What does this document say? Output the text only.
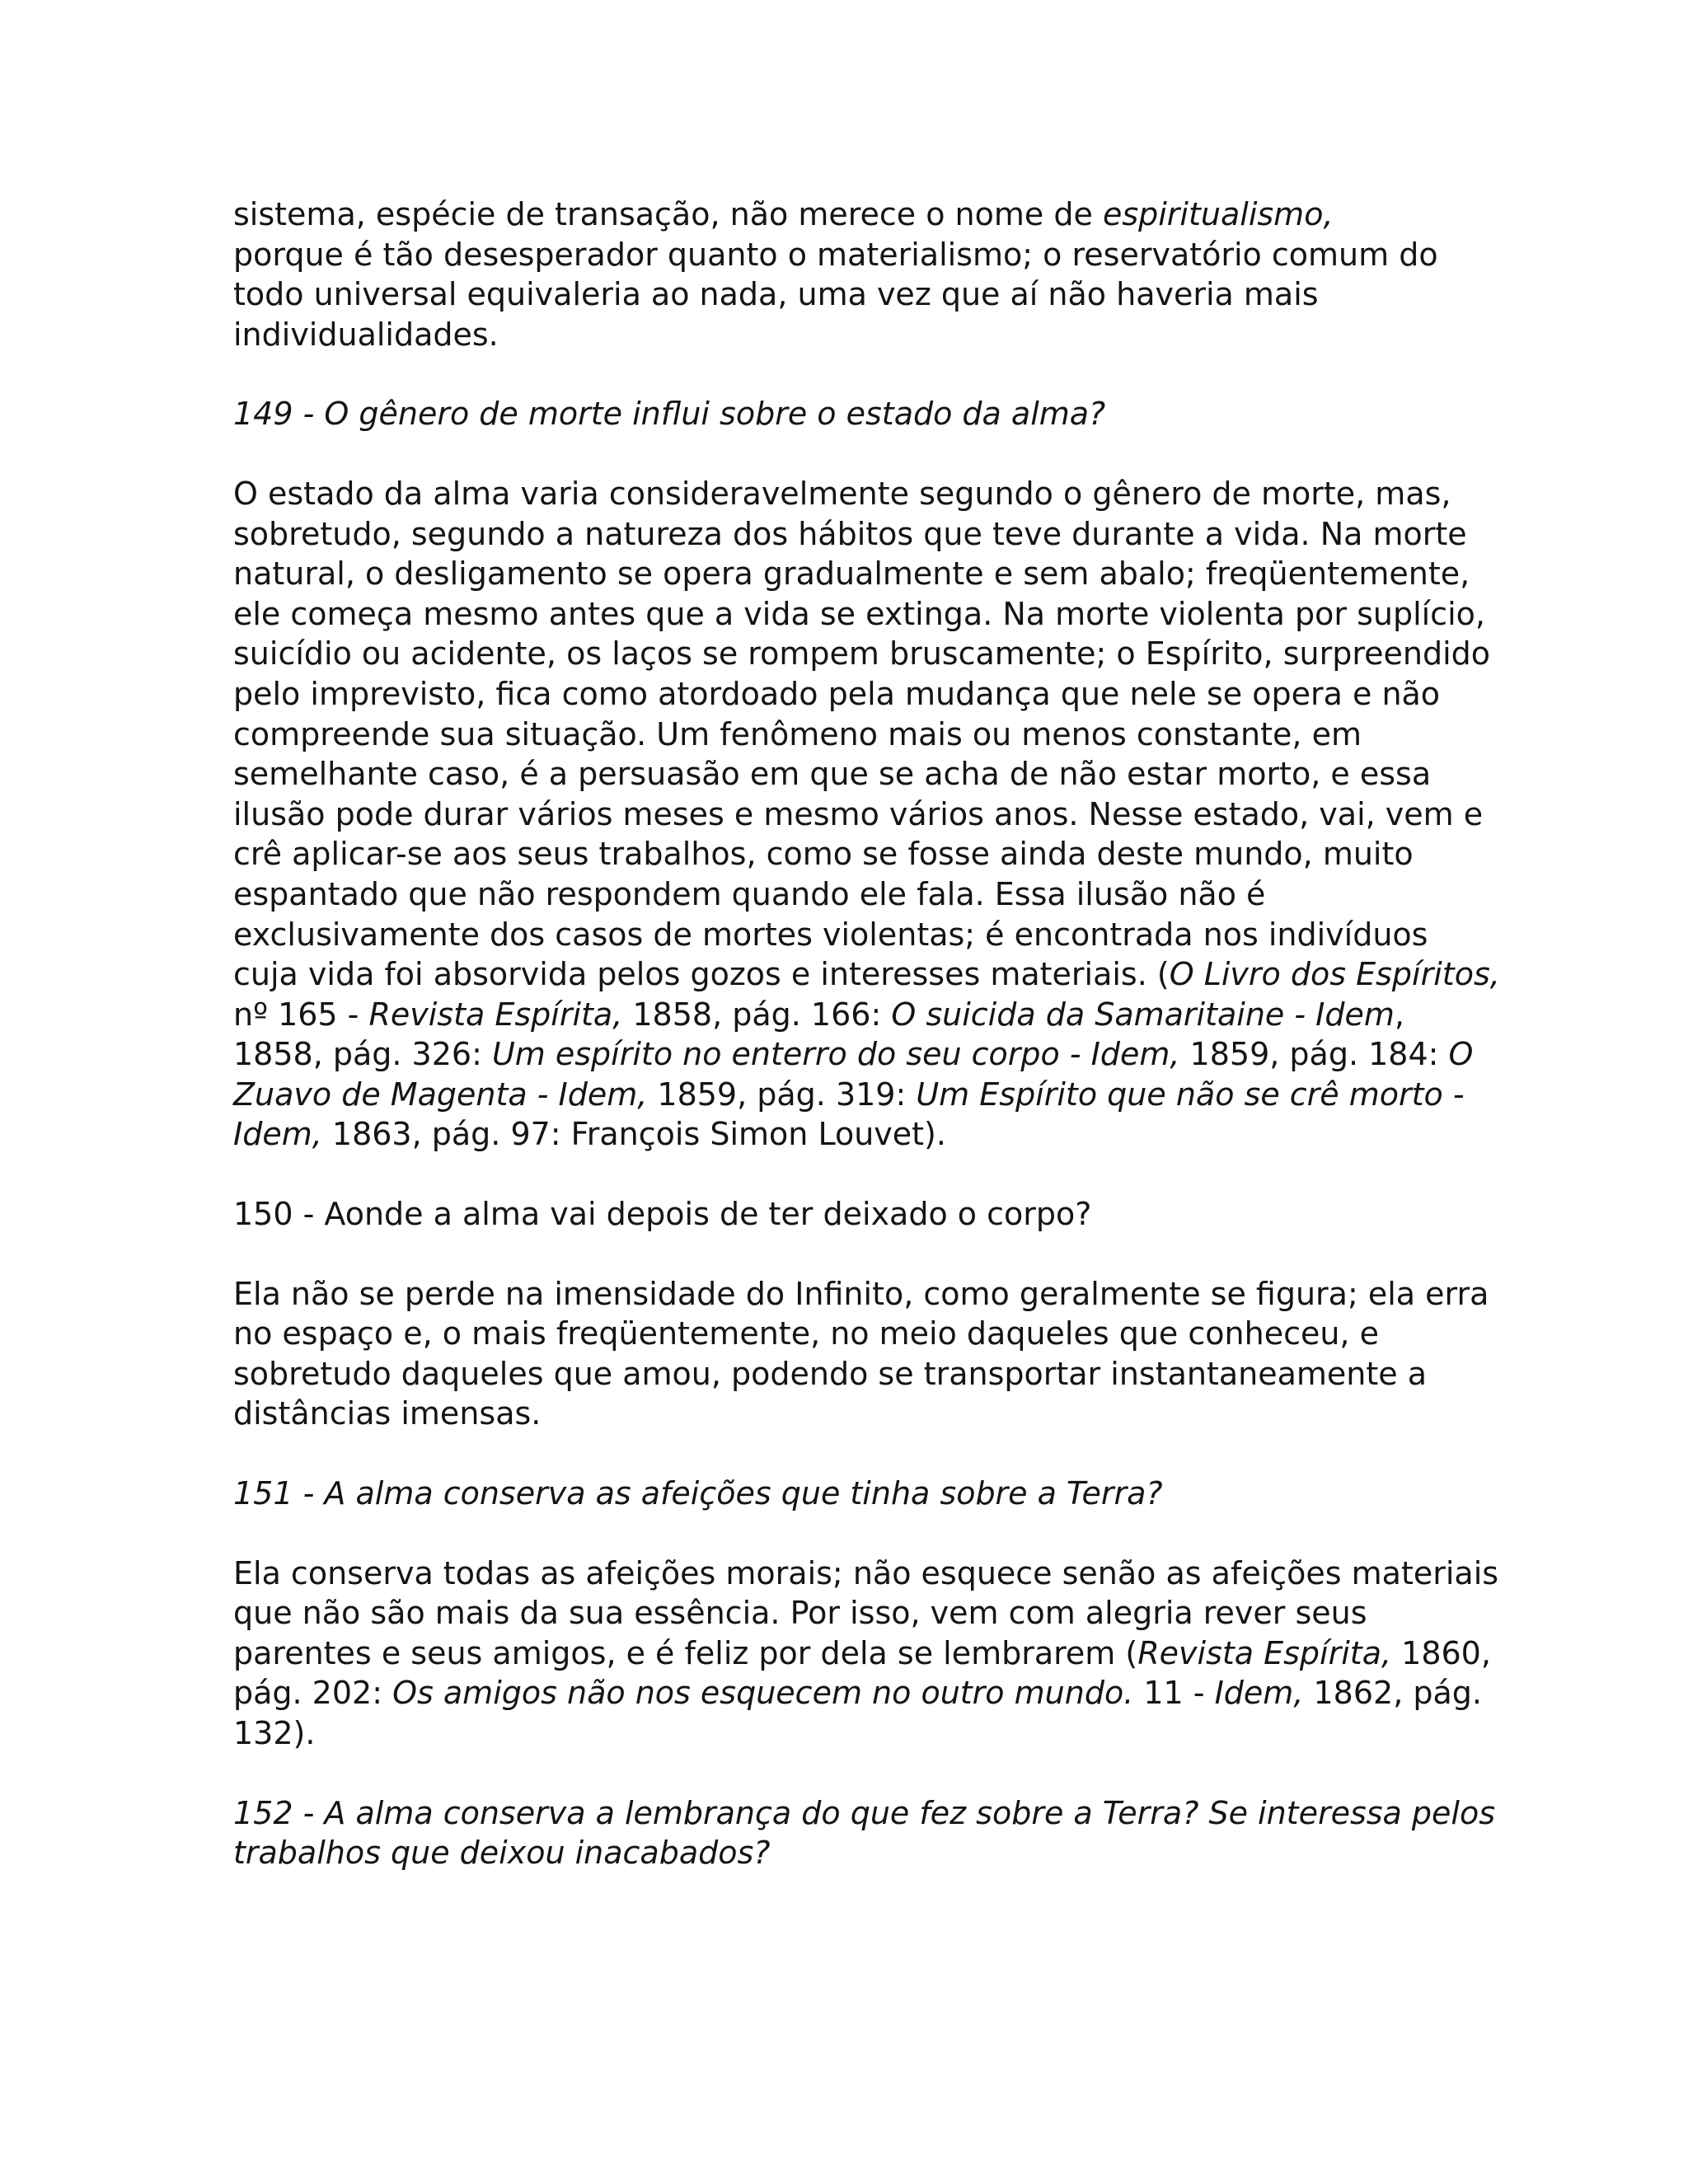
sistema, espécie de transação, não merece o nome de espiritualismo,
porque é tão desesperador quanto o materialismo; o reservatório comum do todo universal equivaleria ao nada, uma vez que aí não haveria mais individualidades.

149 - O gênero de morte influi sobre o estado da alma?

O estado da alma varia consideravelmente segundo o gênero de morte, mas, sobretudo, segundo a natureza dos hábitos que teve durante a vida. Na morte natural, o desligamento se opera gradualmente e sem abalo; freqüentemente, ele começa mesmo antes que a vida se extinga. Na morte violenta por suplício, suicídio ou acidente, os laços se rompem bruscamente; o Espírito, surpreendido pelo imprevisto, fica como atordoado pela mudança que nele se opera e não compreende sua situação. Um fenômeno mais ou menos constante, em semelhante caso, é a persuasão em que se acha de não estar morto, e essa ilusão pode durar vários meses e mesmo vários anos. Nesse estado, vai, vem e crê aplicar-se aos seus trabalhos, como se fosse ainda deste mundo, muito espantado que não respondem quando ele fala. Essa ilusão não é exclusivamente dos casos de mortes violentas; é encontrada nos indivíduos cuja vida foi absorvida pelos gozos e interesses materiais. (O Livro dos Espíritos, nº 165 - Revista Espírita, 1858, pág. 166: O suicida da Samaritaine - Idem, 1858, pág. 326: Um espírito no enterro do seu corpo - Idem, 1859, pág. 184: O Zuavo de Magenta - Idem, 1859, pág. 319: Um Espírito que não se crê morto - Idem, 1863, pág. 97: François Simon Louvet).

150 - Aonde a alma vai depois de ter deixado o corpo?

Ela não se perde na imensidade do Infinito, como geralmente se figura; ela erra no espaço e, o mais freqüentemente, no meio daqueles que conheceu, e sobretudo daqueles que amou, podendo se transportar instantaneamente a distâncias imensas.

151 - A alma conserva as afeições que tinha sobre a Terra?

Ela conserva todas as afeições morais; não esquece senão as afeições materiais que não são mais da sua essência. Por isso, vem com alegria rever seus parentes e seus amigos, e é feliz por dela se lembrarem (Revista Espírita, 1860, pág. 202: Os amigos não nos esquecem no outro mundo. 11 - Idem, 1862, pág. 132).

152 - A alma conserva a lembrança do que fez sobre a Terra? Se interessa pelos trabalhos que deixou inacabados?
